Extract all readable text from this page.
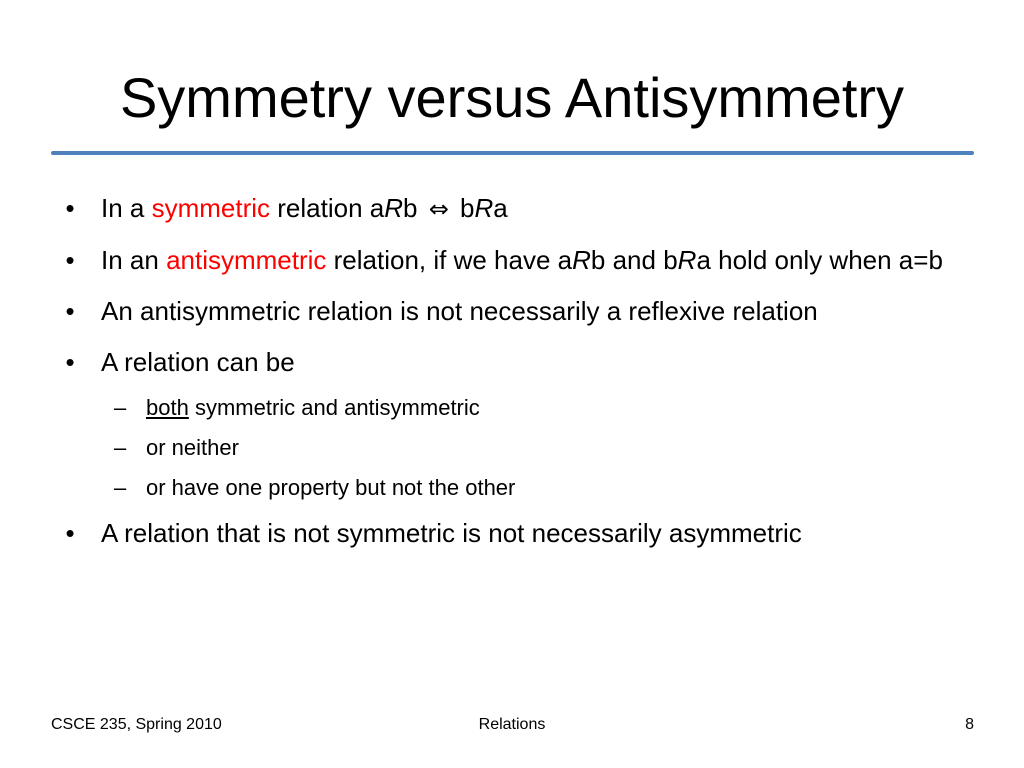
Symmetry versus Antisymmetry
• In a symmetric relation aRb ⇔ bRa
• In an antisymmetric relation, if we have aRb and bRa hold only when a=b
• An antisymmetric relation is not necessarily a reflexive relation
• A relation can be
– both symmetric and antisymmetric
– or neither
– or have one property but not the other
• A relation that is not symmetric is not necessarily asymmetric
CSCE 235, Spring 2010	Relations	8
